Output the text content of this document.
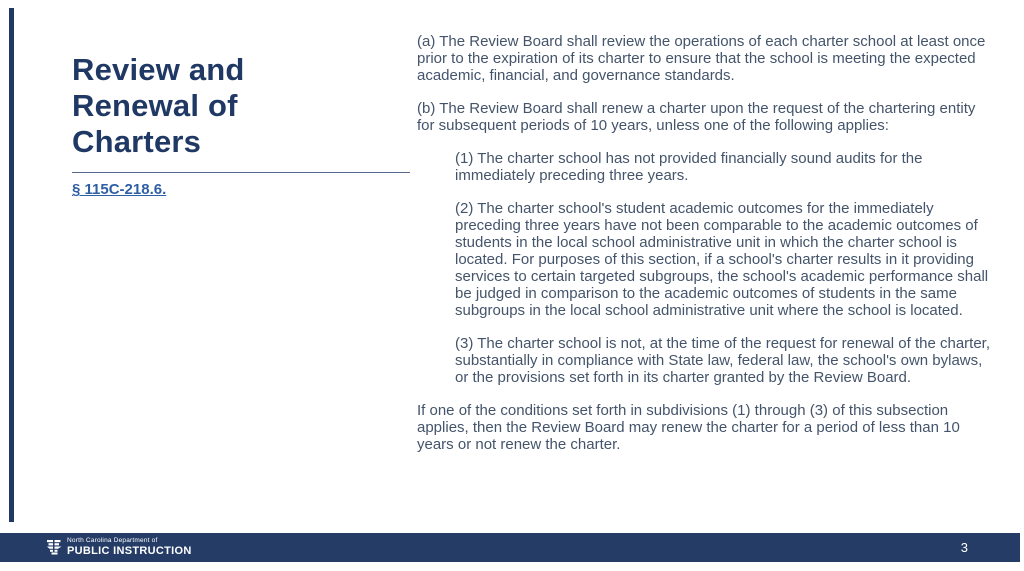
Review and
Renewal of
Charters
§ 115C-218.6.

(a) The Review Board shall review the operations of each charter school at least once prior to the expiration of its charter to ensure that the school is meeting the expected academic, financial, and governance standards.

(b) The Review Board shall renew a charter upon the request of the chartering entity for subsequent periods of 10 years, unless one of the following applies:

(1) The charter school has not provided financially sound audits for the immediately preceding three years.

(2) The charter school's student academic outcomes for the immediately preceding three years have not been comparable to the academic outcomes of students in the local school administrative unit in which the charter school is located. For purposes of this section, if a school's charter results in it providing services to certain targeted subgroups, the school's academic performance shall be judged in comparison to the academic outcomes of students in the same subgroups in the local school administrative unit where the school is located.

(3) The charter school is not, at the time of the request for renewal of the charter, substantially in compliance with State law, federal law, the school's own bylaws, or the provisions set forth in its charter granted by the Review Board.

If one of the conditions set forth in subdivisions (1) through (3) of this subsection applies, then the Review Board may renew the charter for a period of less than 10 years or not renew the charter.

North Carolina Department of
PUBLIC INSTRUCTION	3
